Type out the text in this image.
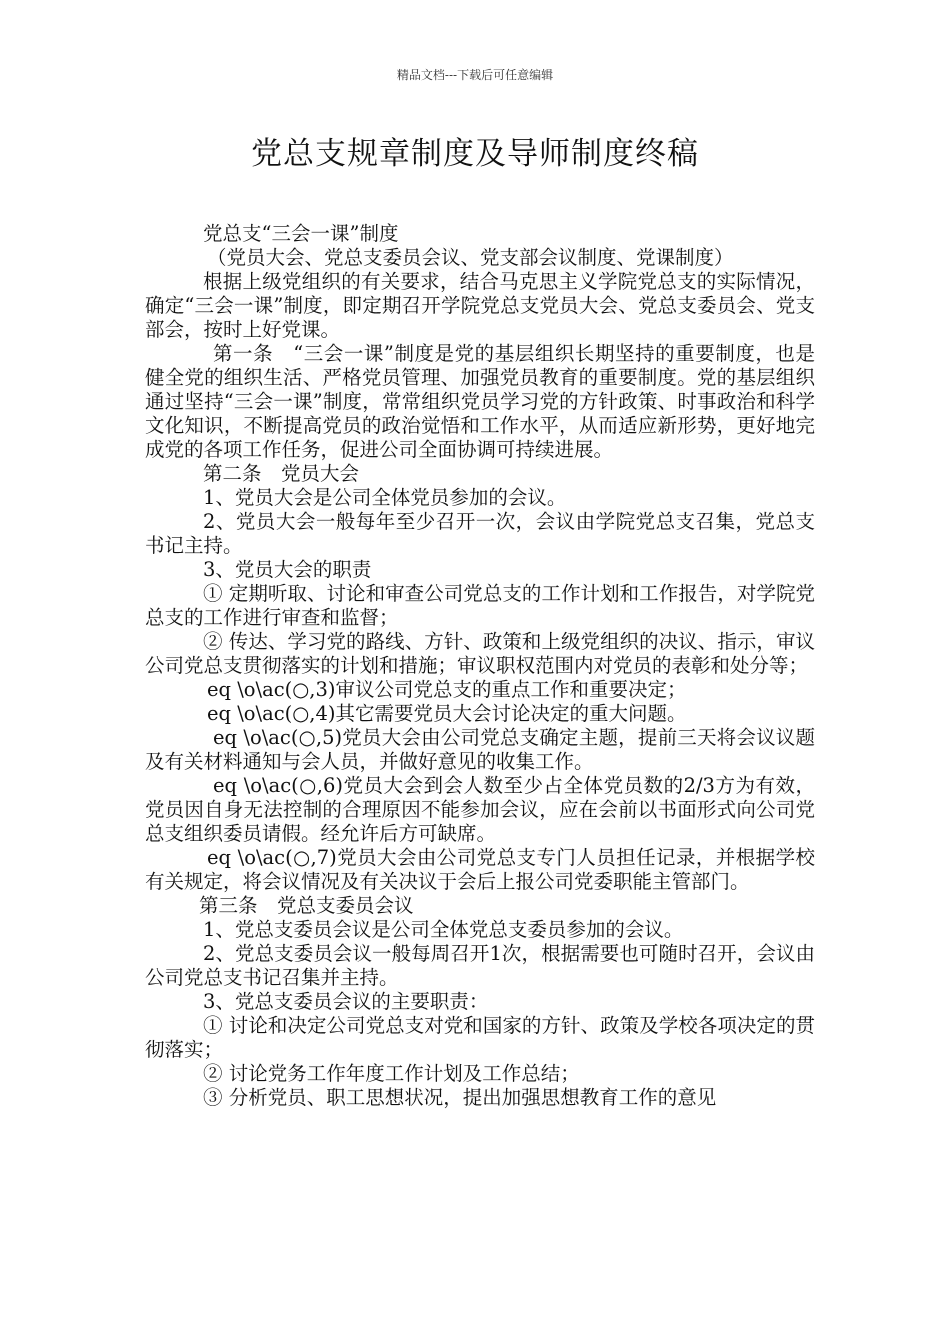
精品文档---下载后可任意编辑
党总支规章制度及导师制度终稿

党总支“三会一课”制度

（党员大会、党总支委员会议、党支部会议制度、党课制度）

根据上级党组织的有关要求，结合马克思主义学院党总支的实际情况，确定“三会一课”制度，即定期召开学院党总支党员大会、党总支委员会、党支部会，按时上好党课。

第一条　“三会一课”制度是党的基层组织长期坚持的重要制度，也是健全党的组织生活、严格党员管理、加强党员教育的重要制度。党的基层组织通过坚持“三会一课”制度，常常组织党员学习党的方针政策、时事政治和科学文化知识，不断提高党员的政治觉悟和工作水平，从而适应新形势，更好地完成党的各项工作任务，促进公司全面协调可持续进展。

第二条　党员大会

1、党员大会是公司全体党员参加的会议。

2、党员大会一般每年至少召开一次，会议由学院党总支召集，党总支书记主持。

3、党员大会的职责

① 定期听取、讨论和审查公司党总支的工作计划和工作报告，对学院党总支的工作进行审查和监督；

② 传达、学习党的路线、方针、政策和上级党组织的决议、指示，审议公司党总支贯彻落实的计划和措施；审议职权范围内对党员的表彰和处分等；

eq \o\ac(○,3)审议公司党总支的重点工作和重要决定；

eq \o\ac(○,4)其它需要党员大会讨论决定的重大问题。

eq \o\ac(○,5)党员大会由公司党总支确定主题，提前三天将会议议题及有关材料通知与会人员，并做好意见的收集工作。

eq \o\ac(○,6)党员大会到会人数至少占全体党员数的2/3方为有效，党员因自身无法控制的合理原因不能参加会议，应在会前以书面形式向公司党总支组织委员请假。经允许后方可缺席。

eq \o\ac(○,7)党员大会由公司党总支专门人员担任记录，并根据学校有关规定，将会议情况及有关决议于会后上报公司党委职能主管部门。

第三条　党总支委员会议

1、党总支委员会议是公司全体党总支委员参加的会议。

2、党总支委员会议一般每周召开1次，根据需要也可随时召开，会议由公司党总支书记召集并主持。

3、党总支委员会议的主要职责：

① 讨论和决定公司党总支对党和国家的方针、政策及学校各项决定的贯彻落实；

② 讨论党务工作年度工作计划及工作总结；

③ 分析党员、职工思想状况，提出加强思想教育工作的意见
